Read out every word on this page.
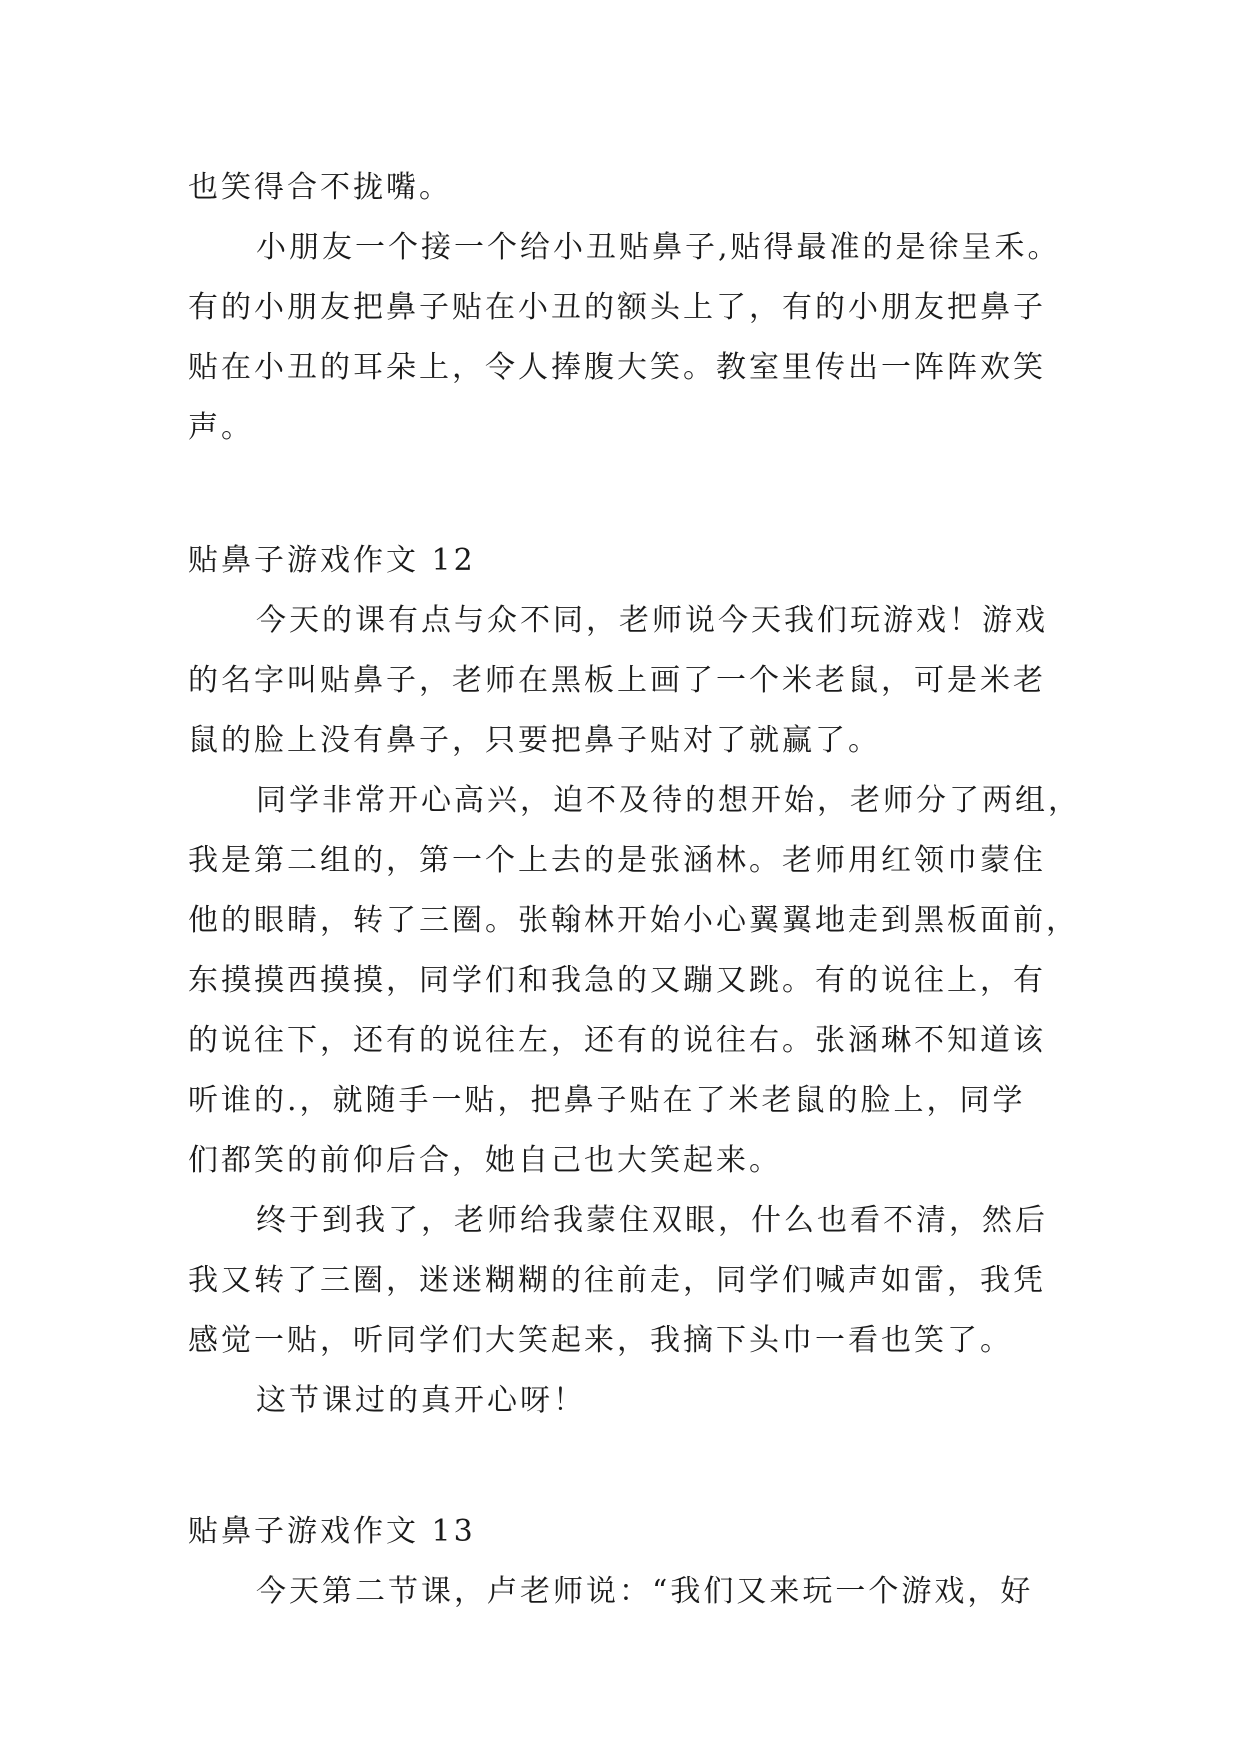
也笑得合不拢嘴。
小朋友一个接一个给小丑贴鼻子,贴得最准的是徐呈禾。
有的小朋友把鼻子贴在小丑的额头上了，有的小朋友把鼻子
贴在小丑的耳朵上，令人捧腹大笑。教室里传出一阵阵欢笑
声。
贴鼻子游戏作文 12
今天的课有点与众不同，老师说今天我们玩游戏！游戏
的名字叫贴鼻子，老师在黑板上画了一个米老鼠，可是米老
鼠的脸上没有鼻子，只要把鼻子贴对了就赢了。
同学非常开心高兴，迫不及待的想开始，老师分了两组，
我是第二组的，第一个上去的是张涵林。老师用红领巾蒙住
他的眼睛，转了三圈。张翰林开始小心翼翼地走到黑板面前，
东摸摸西摸摸，同学们和我急的又蹦又跳。有的说往上，有
的说往下，还有的说往左，还有的说往右。张涵琳不知道该
听谁的.，就随手一贴，把鼻子贴在了米老鼠的脸上，同学
们都笑的前仰后合，她自己也大笑起来。
终于到我了，老师给我蒙住双眼，什么也看不清，然后
我又转了三圈，迷迷糊糊的往前走，同学们喊声如雷，我凭
感觉一贴，听同学们大笑起来，我摘下头巾一看也笑了。
这节课过的真开心呀！
贴鼻子游戏作文 13
今天第二节课，卢老师说：“我们又来玩一个游戏，好
